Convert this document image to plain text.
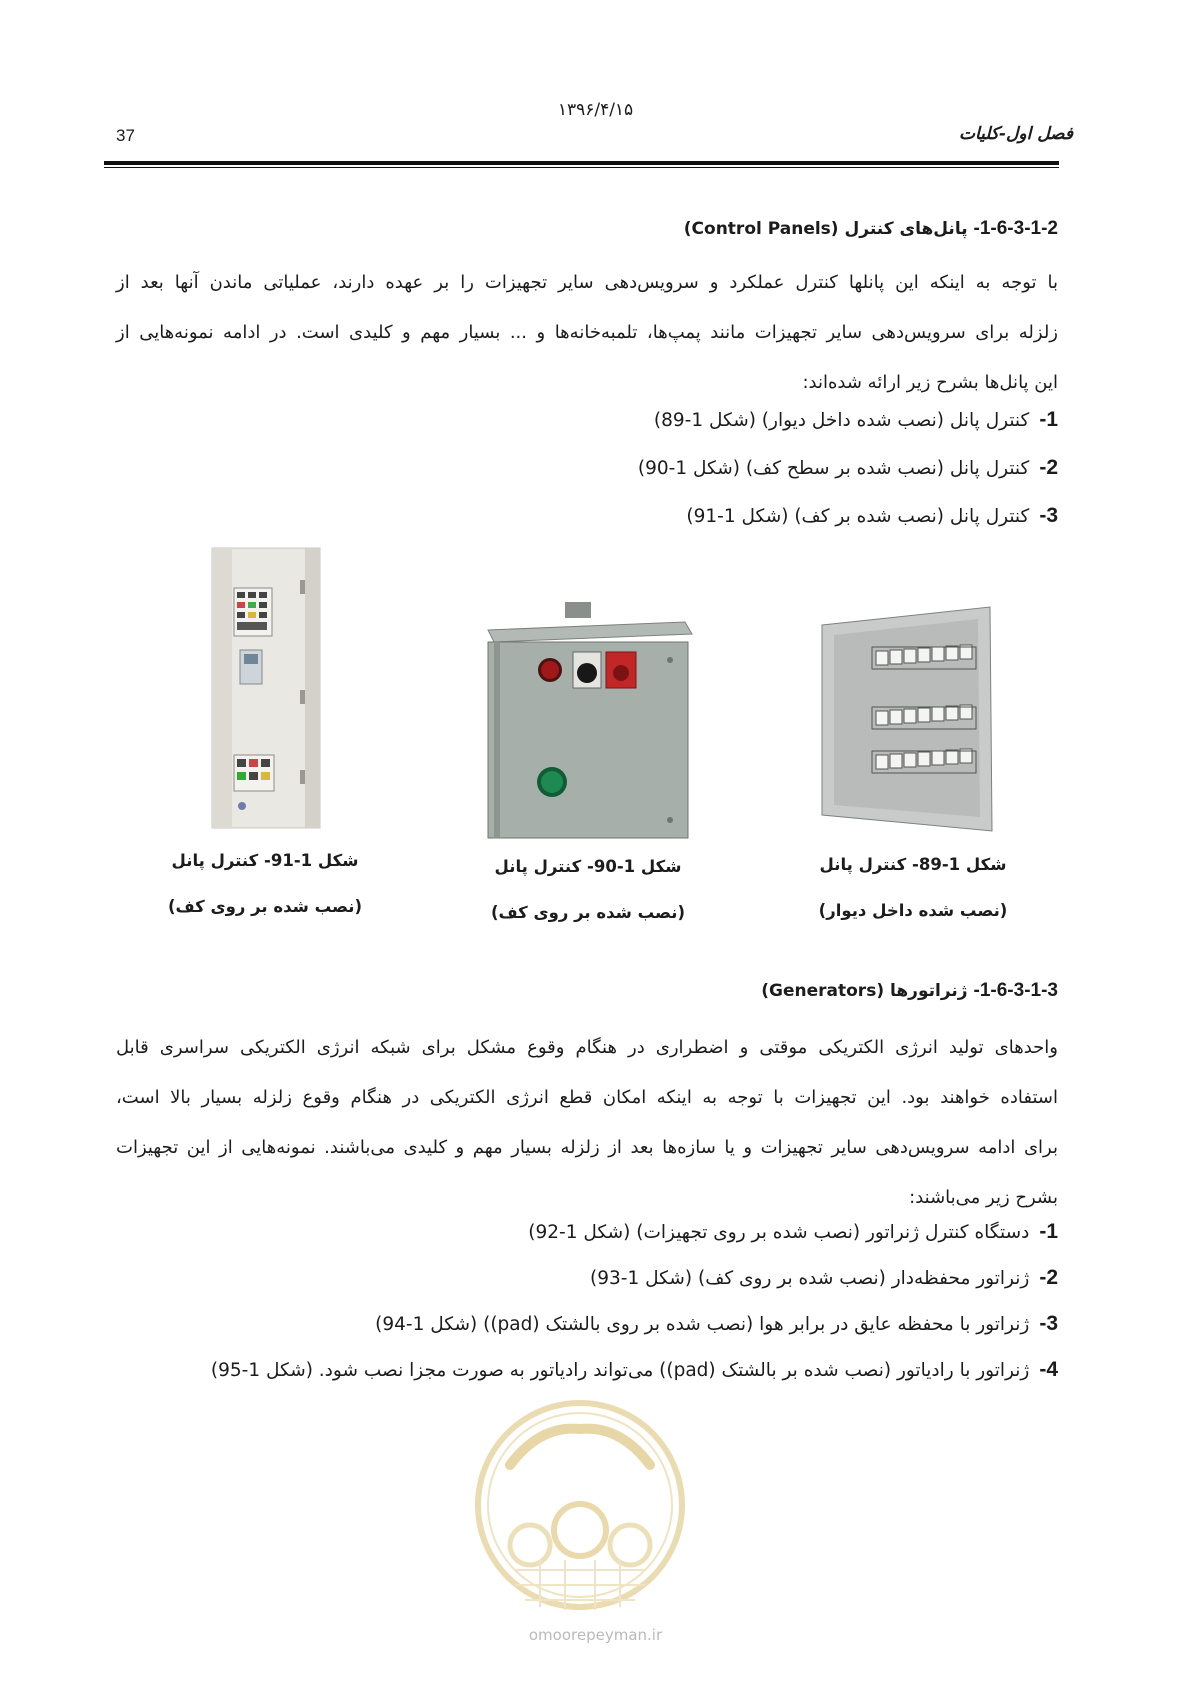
۱۳۹۶/۴/۱۵
37	فصل اول-کلیات
1-6-3-1-2- پانل‌های کنترل (Control Panels)
با توجه به اینکه این پانلها کنترل عملکرد و سرویس‌دهی سایر تجهیزات را بر عهده دارند، عملیاتی ماندن آنها بعد از
زلزله برای سرویس‌دهی سایر تجهیزات مانند پمپ‌ها، تلمبه‌خانه‌ها و ... بسیار مهم و کلیدی است. در ادامه نمونه‌هایی از
این پانل‌ها بشرح زیر ارائه شده‌اند:
1-کنترل پانل (نصب شده داخل دیوار) (شکل 1-89)
2-کنترل پانل (نصب شده بر سطح کف) (شکل 1-90)
3-کنترل پانل (نصب شده بر کف) (شکل 1-91)
شکل 1-91- کنترل پانل
(نصب شده بر روی کف)
شکل 1-90- کنترل پانل
(نصب شده بر روی کف)
شکل 1-89- کنترل پانل
(نصب شده داخل دیوار)
1-6-3-1-3- ژنراتورها (Generators)
واحدهای تولید انرژی الکتریکی موقتی و اضطراری در هنگام وقوع مشکل برای شبکه انرژی الکتریکی سراسری قابل
استفاده خواهند بود. این تجهیزات با توجه به اینکه امکان قطع انرژی الکتریکی در هنگام وقوع زلزله بسیار بالا است،
برای ادامه سرویس‌دهی سایر تجهیزات و یا سازه‌ها بعد از زلزله بسیار مهم و کلیدی می‌باشند. نمونه‌هایی از این تجهیزات
بشرح زیر می‌باشند:
1-دستگاه کنترل ژنراتور (نصب شده بر روی تجهیزات) (شکل 1-92)
2-ژنراتور محفظه‌دار (نصب شده بر روی کف) (شکل 1-93)
3-ژنراتور با محفظه عایق در برابر هوا (نصب شده بر روی بالشتک (pad)) (شکل 1-94)
4-ژنراتور با رادیاتور (نصب شده بر بالشتک (pad)) می‌تواند رادیاتور به صورت مجزا نصب شود. (شکل 1-95)
omoorepeyman.ir
